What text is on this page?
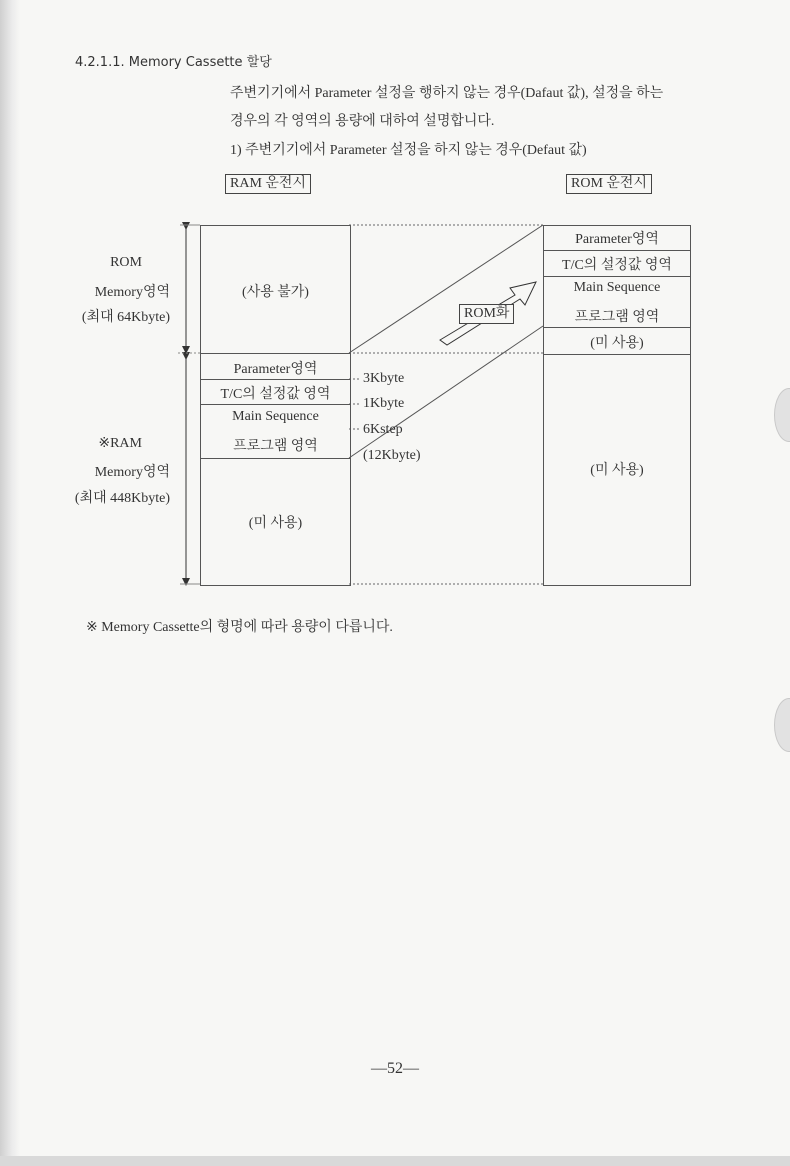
4.2.1.1. Memory Cassette 할당
주변기기에서 Parameter 설정을 행하지 않는 경우(Dafaut 값), 설정을 하는
경우의 각 영역의 용량에 대하여 설명합니다.
1) 주변기기에서 Parameter 설정을 하지 않는 경우(Defaut 값)
RAM 운전시	ROM 운전시
(사용 불가)
Parameter영역
T/C의 설정값 영역
Main Sequence
프로그램 영역
(미 사용)
Parameter영역
T/C의 설정값 영역
Main Sequence
프로그램 영역
(미 사용)
(미 사용)
ROM
Memory영역
(최대 64Kbyte)
※RAM
Memory영역
(최대 448Kbyte)
3Kbyte
1Kbyte
6Kstep
(12Kbyte)
ROM화
※ Memory Cassette의 형명에 따라 용량이 다릅니다.
—52—
